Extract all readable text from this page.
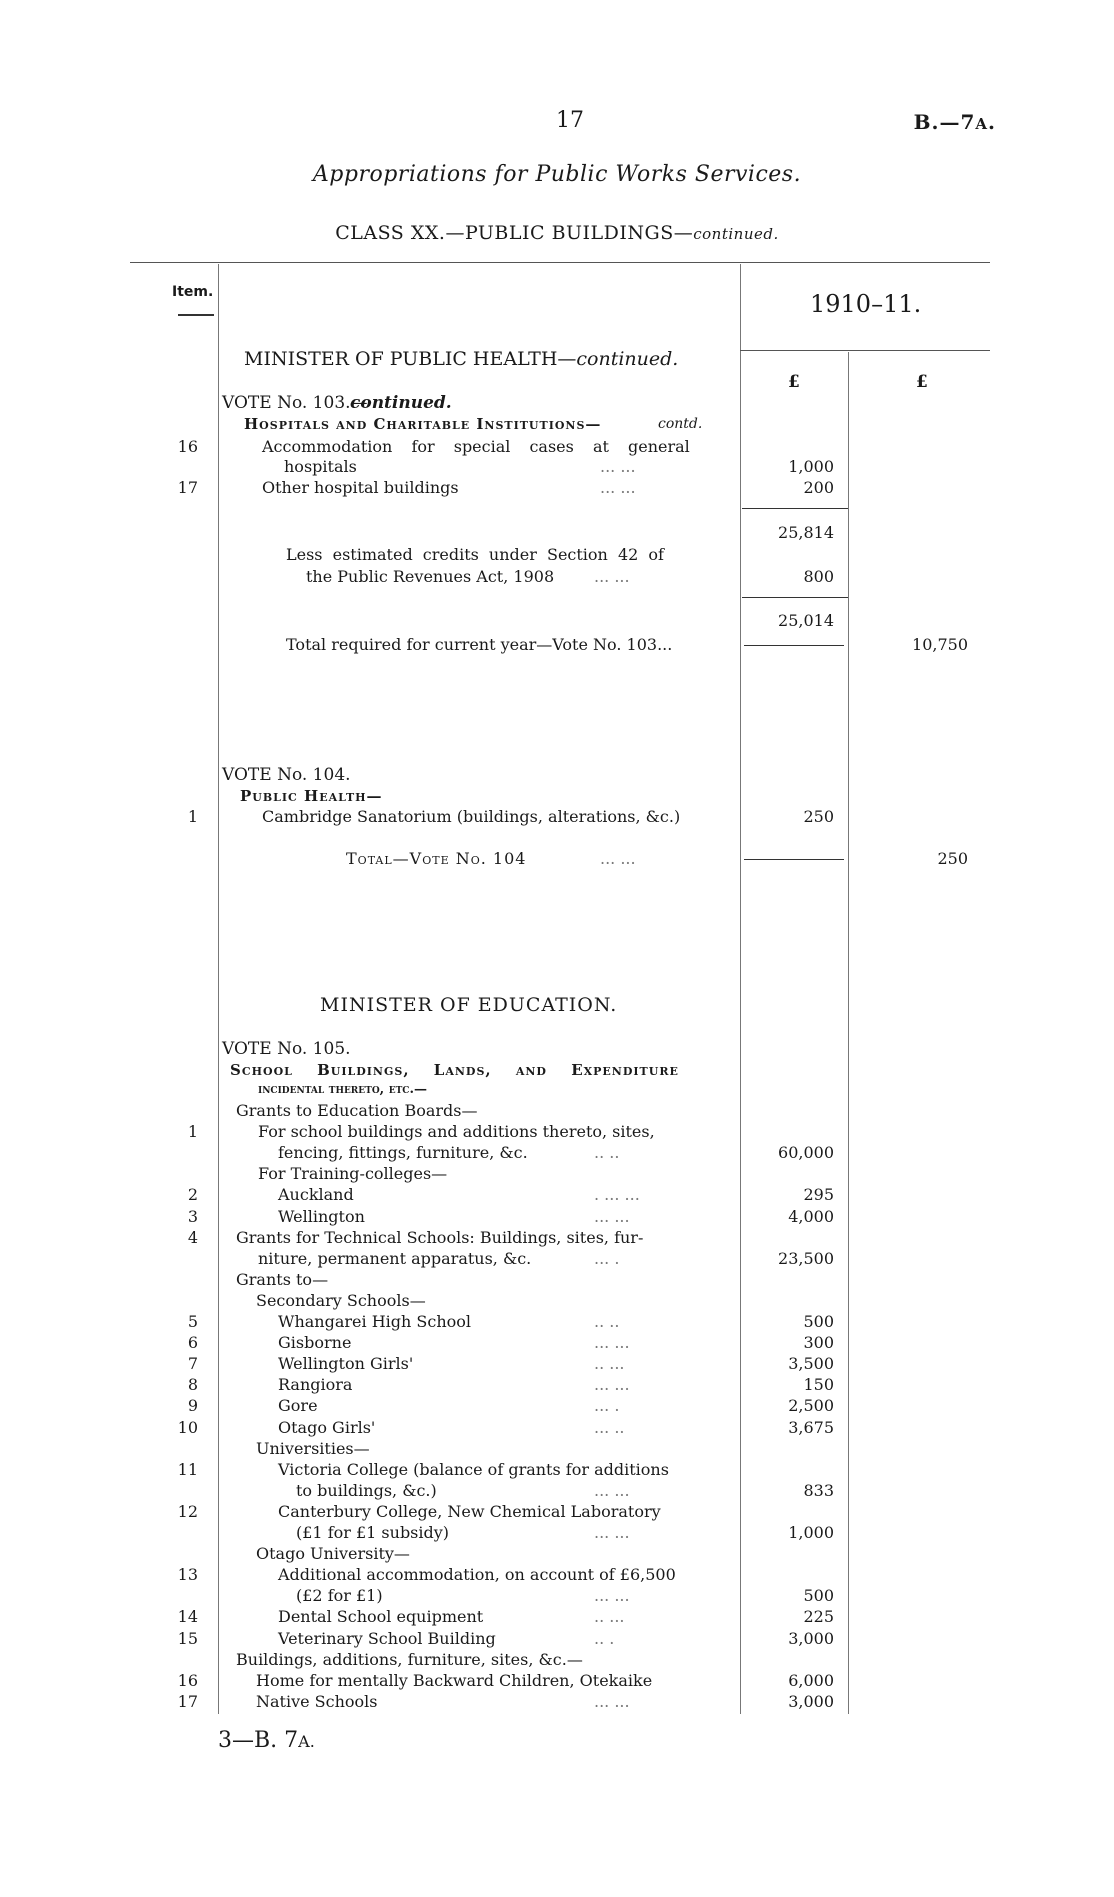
17	B.—7A.
Appropriations for Public Works Services.
CLASS XX.—PUBLIC BUILDINGS—continued.
Item.	1910–11.
£	£
MINISTER OF PUBLIC HEALTH—continued.
VOTE No. 103.—
continued.
Hospitals and Charitable Institutions—	contd.
16	Accommodation for special cases at general
hospitals	... ...	1,000
17	Other hospital buildings	... ...	200
25,814
Less estimated credits under Section 42 of
the Public Revenues Act, 1908 ... ...	800
25,014
Total required for current year—Vote No. 103...	10,750
VOTE No. 104.
Public Health—
1	Cambridge Sanatorium (buildings, alterations, &c.)	250
Total—Vote No. 104	... ...	250
MINISTER OF EDUCATION.
VOTE No. 105.
School Buildings, Lands, and Expenditure
incidental thereto, etc.—
Grants to Education Boards—
1	For school buildings and additions thereto, sites,
fencing, fittings, furniture, &c.	.. ..	60,000
For Training-colleges—
2	Auckland	. ... ...	295
3	Wellington	... ...	4,000
4 Grants for Technical Schools: Buildings, sites, fur-
niture, permanent apparatus, &c.	... .	23,500
Grants to—
Secondary Schools—
5	Whangarei High School	.. ..	500
6	Gisborne	... ...	300
7	Wellington Girls'	.. ...	3,500
8	Rangiora	... ...	150
9	Gore	... .	2,500
10	Otago Girls'	... ..	3,675
Universities—
11	Victoria College (balance of grants for additions
to buildings, &c.)	... ...	833
12	Canterbury College, New Chemical Laboratory
(£1 for £1 subsidy)	... ...	1,000
Otago University—
13	Additional accommodation, on account of £6,500
(£2 for £1)	... ...	500
14	Dental School equipment	.. ...	225
15	Veterinary School Building	.. .	3,000
Buildings, additions, furniture, sites, &c.—
16	Home for mentally Backward Children, Otekaike	6,000
17	Native Schools	... ...	3,000
3—B. 7A.
